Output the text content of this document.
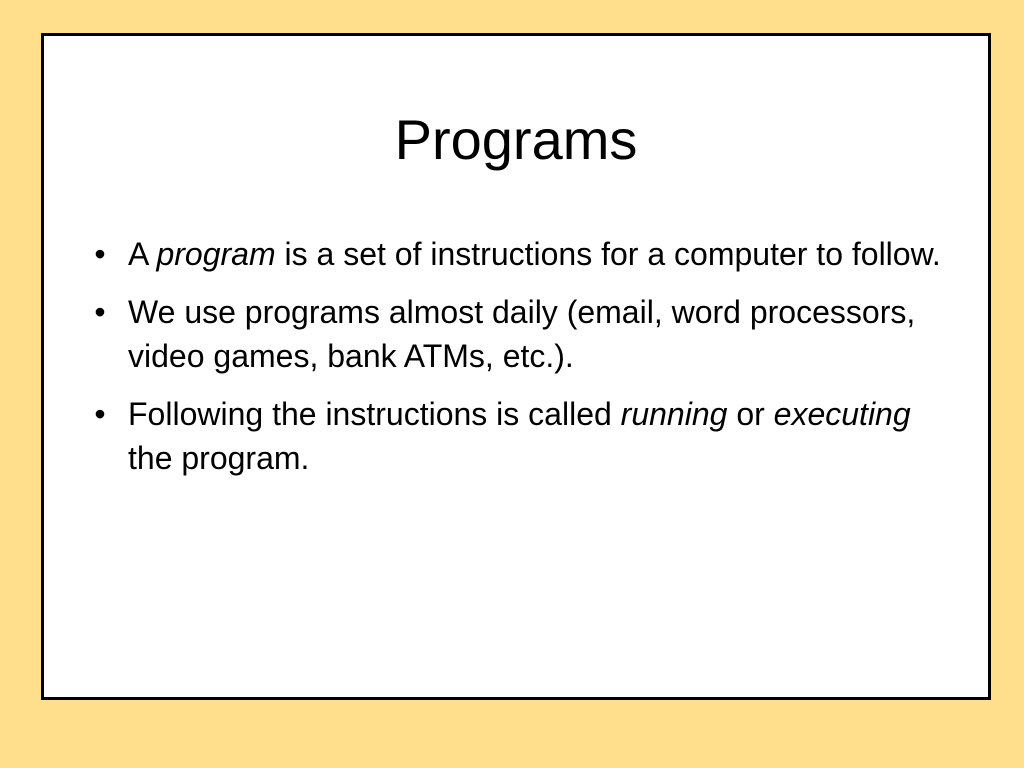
Programs
• A program is a set of instructions for a computer to follow.
• We use programs almost daily (email, word processors, video games, bank ATMs, etc.).
• Following the instructions is called running or executing the program.
